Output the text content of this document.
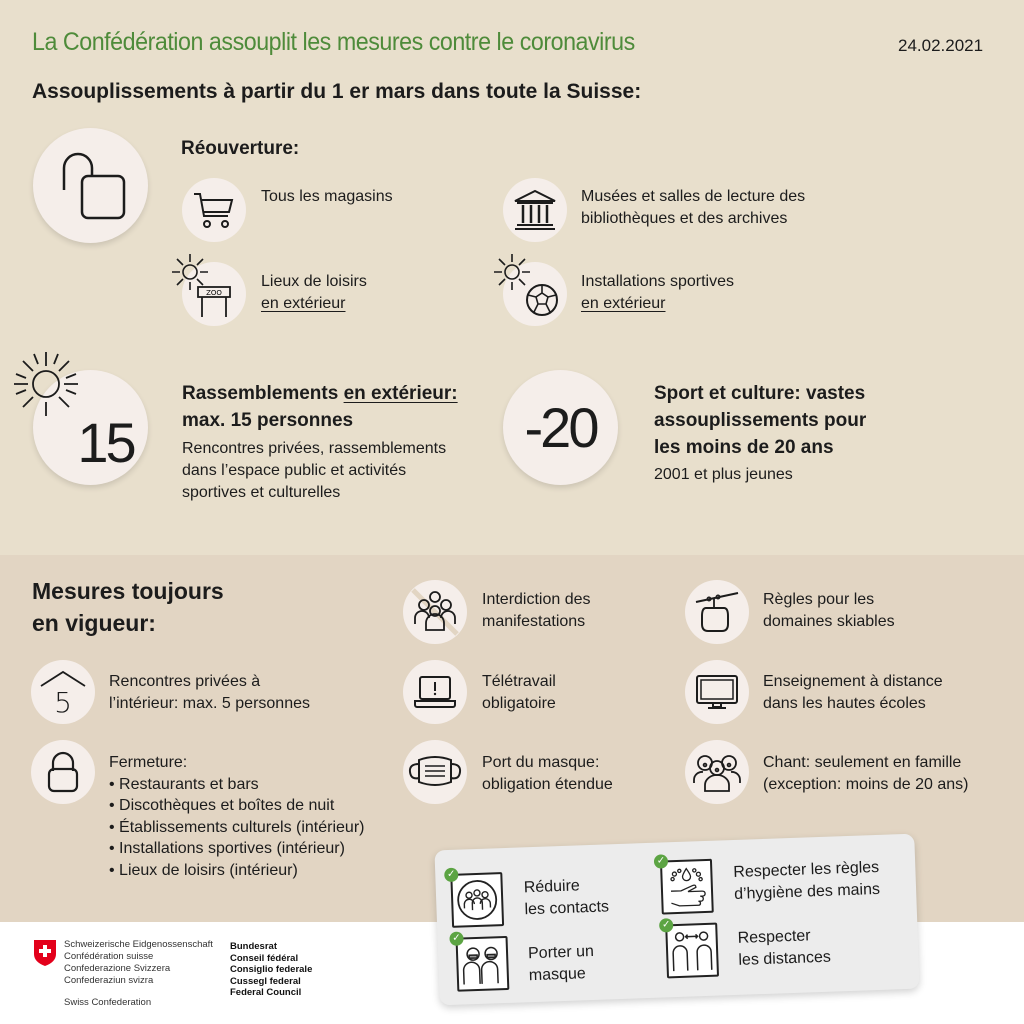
La Confédération assouplit les mesures contre le coronavirus	24.02.2021
Assouplissements à partir du 1 er mars dans toute la Suisse:
Réouverture:
Tous les magasins	Musées et salles de lecture des
bibliothèques et des archives
ZOO
Lieux de loisirs
en extérieur
Installations sportives
en extérieur
15
Rassemblements en extérieur:
max. 15 personnes
Rencontres privées, rassemblements
dans l’espace public et activités
sportives et culturelles
-20
Sport et culture: vastes
assouplissements pour
les moins de 20 ans
2001 et plus jeunes
Mesures toujours
en vigueur:
5
Rencontres privées à
l’intérieur: max. 5 personnes
Fermeture:
• Restaurants et bars
• Discothèques et boîtes de nuit
• Établissements culturels (intérieur)
• Installations sportives (intérieur)
• Lieux de loisirs (intérieur)
Interdiction des
manifestations
Télétravail
obligatoire
Port du masque:
obligation étendue
Règles pour les
domaines skiables
Enseignement à distance
dans les hautes écoles
Chant: seulement en famille
(exception: moins de 20 ans)
✓
Réduire
les contacts
✓	Respecter les règles
d’hygiène des mains
✓
Porter un
masque
✓
Respecter
les distances
Schweizerische Eidgenossenschaft
Confédération suisse
Confederazione Svizzera
Confederaziun svizra
Swiss Confederation
Bundesrat
Conseil fédéral
Consiglio federale
Cussegl federal
Federal Council
